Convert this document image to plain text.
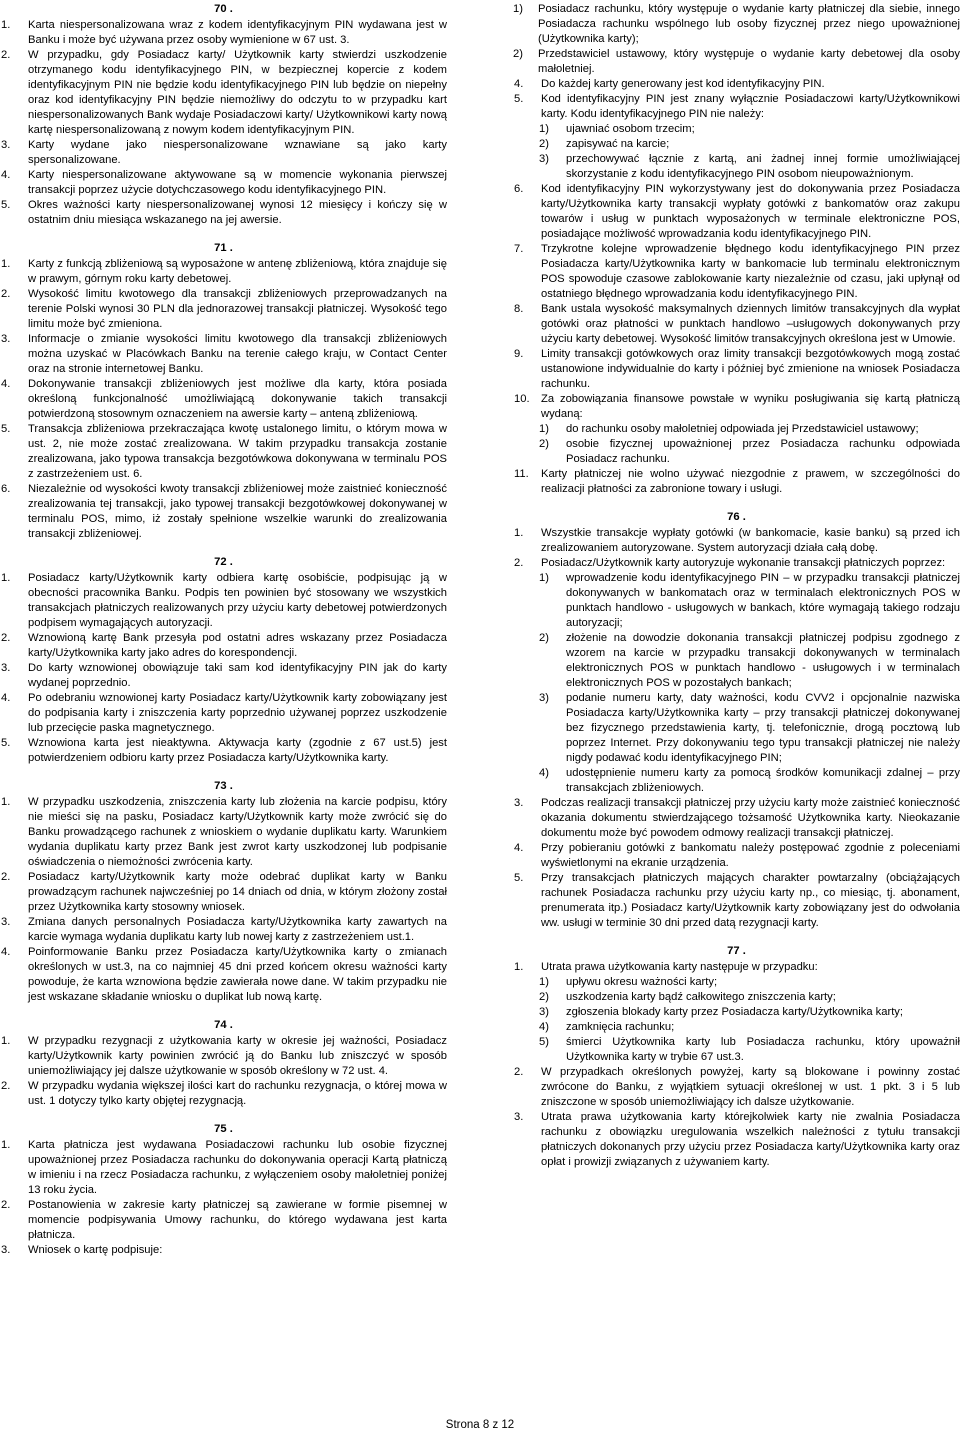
70 .
1. Karta niespersonalizowana wraz z kodem identyfikacyjnym PIN wydawana jest w Banku i może być używana przez osoby wymienione w 67 ust. 3.
2. W przypadku, gdy Posiadacz karty/ Użytkownik karty stwierdzi uszkodzenie otrzymanego kodu identyfikacyjnego PIN, w bezpiecznej kopercie z kodem identyfikacyjnym PIN nie będzie kodu identyfikacyjnego PIN lub będzie on niepełny oraz kod identyfikacyjny PIN będzie niemożliwy do odczytu to w przypadku kart niespersonalizowanych Bank wydaje Posiadaczowi karty/ Użytkownikowi karty nową kartę niespersonalizowaną z nowym kodem identyfikacyjnym PIN.
3. Karty wydane jako niespersonalizowane wznawiane są jako karty spersonalizowane.
4. Karty niespersonalizowane aktywowane są w momencie wykonania pierwszej transakcji poprzez użycie dotychczasowego kodu identyfikacyjnego PIN.
5. Okres ważności karty niespersonalizowanej wynosi 12 miesięcy i kończy się w ostatnim dniu miesiąca wskazanego na jej awersie.
71 .
1. Karty z funkcją zbliżeniową są wyposażone w antenę zbliżeniową, która znajduje się w prawym, górnym roku karty debetowej.
2. Wysokość limitu kwotowego dla transakcji zbliżeniowych przeprowadzanych na terenie Polski wynosi 30 PLN dla jednorazowej transakcji płatniczej. Wysokość tego limitu może być zmieniona.
3. Informacje o zmianie wysokości limitu kwotowego dla transakcji zbliżeniowych można uzyskać w Placówkach Banku na terenie całego kraju, w Contact Center oraz na stronie internetowej Banku.
4. Dokonywanie transakcji zbliżeniowych jest możliwe dla karty, która posiada określoną funkcjonalność umożliwiającą dokonywanie takich transakcji potwierdzoną stosownym oznaczeniem na awersie karty – anteną zbliżeniową.
5. Transakcja zbliżeniowa przekraczająca kwotę ustalonego limitu, o którym mowa w ust. 2, nie może zostać zrealizowana. W takim przypadku transakcja zostanie zrealizowana, jako typowa transakcja bezgotówkowa dokonywana w terminalu POS z zastrzeżeniem ust. 6.
6. Niezależnie od wysokości kwoty transakcji zbliżeniowej może zaistnieć konieczność zrealizowania tej transakcji, jako typowej transakcji bezgotówkowej dokonywanej w terminalu POS, mimo, iż zostały spełnione wszelkie warunki do zrealizowania transakcji zbliżeniowej.
72 .
1. Posiadacz karty/Użytkownik karty odbiera kartę osobiście, podpisując ją w obecności pracownika Banku. Podpis ten powinien być stosowany we wszystkich transakcjach płatniczych realizowanych przy użyciu karty debetowej potwierdzonych podpisem wymagających autoryzacji.
2. Wznowioną kartę Bank przesyła pod ostatni adres wskazany przez Posiadacza karty/Użytkownika karty jako adres do korespondencji.
3. Do karty wznowionej obowiązuje taki sam kod identyfikacyjny PIN jak do karty wydanej poprzednio.
4. Po odebraniu wznowionej karty Posiadacz karty/Użytkownik karty zobowiązany jest do podpisania karty i zniszczenia karty poprzednio używanej poprzez uszkodzenie lub przecięcie paska magnetycznego.
5. Wznowiona karta jest nieaktywna. Aktywacja karty (zgodnie z 67 ust.5) jest potwierdzeniem odbioru karty przez Posiadacza karty/Użytkownika karty.
73 .
1. W przypadku uszkodzenia, zniszczenia karty lub złożenia na karcie podpisu, który nie mieści się na pasku, Posiadacz karty/Użytkownik karty może zwrócić się do Banku prowadzącego rachunek z wnioskiem o wydanie duplikatu karty. Warunkiem wydania duplikatu karty przez Bank jest zwrot karty uszkodzonej lub podpisanie oświadczenia o niemożności zwrócenia karty.
2. Posiadacz karty/Użytkownik karty może odebrać duplikat karty w Banku prowadzącym rachunek najwcześniej po 14 dniach od dnia, w którym złożony został przez Użytkownika karty stosowny wniosek.
3. Zmiana danych personalnych Posiadacza karty/Użytkownika karty zawartych na karcie wymaga wydania duplikatu karty lub nowej karty z zastrzeżeniem ust.1.
4. Poinformowanie Banku przez Posiadacza karty/Użytkownika karty o zmianach określonych w ust.3, na co najmniej 45 dni przed końcem okresu ważności karty powoduje, że karta wznowiona będzie zawierała nowe dane. W takim przypadku nie jest wskazane składanie wniosku o duplikat lub nową kartę.
74 .
1. W przypadku rezygnacji z użytkowania karty w okresie jej ważności, Posiadacz karty/Użytkownik karty powinien zwrócić ją do Banku lub zniszczyć w sposób uniemożliwiający jej dalsze użytkowanie w sposób określony w 72 ust. 4.
2. W przypadku wydania większej ilości kart do rachunku rezygnacja, o której mowa w ust. 1 dotyczy tylko karty objętej rezygnacją.
75 .
1. Karta płatnicza jest wydawana Posiadaczowi rachunku lub osobie fizycznej upoważnionej przez Posiadacza rachunku do dokonywania operacji Kartą płatniczą w imieniu i na rzecz Posiadacza rachunku, z wyłączeniem osoby małoletniej poniżej 13 roku życia.
2. Postanowienia w zakresie karty płatniczej są zawierane w formie pisemnej w momencie podpisywania Umowy rachunku, do którego wydawana jest karta płatnicza.
3. Wniosek o kartę podpisuje:
1) Posiadacz rachunku, który występuje o wydanie karty płatniczej dla siebie, innego Posiadacza rachunku wspólnego lub osoby fizycznej przez niego upoważnionej (Użytkownika karty);
2) Przedstawiciel ustawowy, który występuje o wydanie karty debetowej dla osoby małoletniej.
4. Do każdej karty generowany jest kod identyfikacyjny PIN.
5. Kod identyfikacyjny PIN jest znany wyłącznie Posiadaczowi karty/Użytkownikowi karty. Kodu identyfikacyjnego PIN nie należy:
1) ujawniać osobom trzecim;
2) zapisywać na karcie;
3) przechowywać łącznie z kartą, ani żadnej innej formie umożliwiającej skorzystanie z kodu identyfikacyjnego PIN osobom nieupoważnionym.
6. Kod identyfikacyjny PIN wykorzystywany jest do dokonywania przez Posiadacza karty/Użytkownika karty transakcji wypłaty gotówki z bankomatów oraz zakupu towarów i usług w punktach wyposażonych w terminale elektroniczne POS, posiadające możliwość wprowadzania kodu identyfikacyjnego PIN.
7. Trzykrotne kolejne wprowadzenie błędnego kodu identyfikacyjnego PIN przez Posiadacza karty/Użytkownika karty w bankomacie lub terminalu elektronicznym POS spowoduje czasowe zablokowanie karty niezależnie od czasu, jaki upłynął od ostatniego błędnego wprowadzania kodu identyfikacyjnego PIN.
8. Bank ustala wysokość maksymalnych dziennych limitów transakcyjnych dla wypłat gotówki oraz płatności w punktach handlowo –usługowych dokonywanych przy użyciu karty debetowej. Wysokość limitów transakcyjnych określona jest w Umowie.
9. Limity transakcji gotówkowych oraz limity transakcji bezgotówkowych mogą zostać ustanowione indywidualnie do karty i później być zmienione na wniosek Posiadacza rachunku.
10. Za zobowiązania finansowe powstałe w wyniku posługiwania się kartą płatniczą wydaną:
1) do rachunku osoby małoletniej odpowiada jej Przedstawiciel ustawowy;
2) osobie fizycznej upoważnionej przez Posiadacza rachunku odpowiada Posiadacz rachunku.
11. Karty płatniczej nie wolno używać niezgodnie z prawem, w szczególności do realizacji płatności za zabronione towary i usługi.
76 .
1. Wszystkie transakcje wypłaty gotówki (w bankomacie, kasie banku) są przed ich zrealizowaniem autoryzowane. System autoryzacji działa całą dobę.
2. Posiadacz/Użytkownik karty autoryzuje wykonanie transakcji płatniczych poprzez:
1) wprowadzenie kodu identyfikacyjnego PIN – w przypadku transakcji płatniczej dokonywanych w bankomatach oraz w terminalach elektronicznych POS w punktach handlowo - usługowych w bankach, które wymagają takiego rodzaju autoryzacji;
2) złożenie na dowodzie dokonania transakcji płatniczej podpisu zgodnego z wzorem na karcie w przypadku transakcji dokonywanych w terminalach elektronicznych POS w punktach handlowo - usługowych i w terminalach elektronicznych POS w pozostałych bankach;
3) podanie numeru karty, daty ważności, kodu CVV2 i opcjonalnie nazwiska Posiadacza karty/Użytkownika karty – przy transakcji płatniczej dokonywanej bez fizycznego przedstawienia karty, tj. telefonicznie, drogą pocztową lub poprzez Internet. Przy dokonywaniu tego typu transakcji płatniczej nie należy nigdy podawać kodu identyfikacyjnego PIN;
4) udostępnienie numeru karty za pomocą środków komunikacji zdalnej – przy transakcjach zbliżeniowych.
3. Podczas realizacji transakcji płatniczej przy użyciu karty może zaistnieć konieczność okazania dokumentu stwierdzającego tożsamość Użytkownika karty. Nieokazanie dokumentu może być powodem odmowy realizacji transakcji płatniczej.
4. Przy pobieraniu gotówki z bankomatu należy postępować zgodnie z poleceniami wyświetlonymi na ekranie urządzenia.
5. Przy transakcjach płatniczych mających charakter powtarzalny (obciążających rachunek Posiadacza rachunku przy użyciu karty np., co miesiąc, tj. abonament, prenumerata itp.) Posiadacz karty/Użytkownik karty zobowiązany jest do odwołania ww. usługi w terminie 30 dni przed datą rezygnacji karty.
77 .
1. Utrata prawa użytkowania karty następuje w przypadku:
1) upływu okresu ważności karty;
2) uszkodzenia karty bądź całkowitego zniszczenia karty;
3) zgłoszenia blokady karty przez Posiadacza karty/Użytkownika karty;
4) zamknięcia rachunku;
5) śmierci Użytkownika karty lub Posiadacza rachunku, który upoważnił Użytkownika karty w trybie 67 ust.3.
2. W przypadkach określonych powyżej, karty są blokowane i powinny zostać zwrócone do Banku, z wyjątkiem sytuacji określonej w ust. 1 pkt. 3 i 5 lub zniszczone w sposób uniemożliwiający ich dalsze użytkowanie.
3. Utrata prawa użytkowania karty którejkolwiek karty nie zwalnia Posiadacza rachunku z obowiązku uregulowania wszelkich należności z tytułu transakcji płatniczych dokonanych przy użyciu przez Posiadacza karty/Użytkownika karty oraz opłat i prowizji związanych z używaniem karty.
Strona 8 z 12
